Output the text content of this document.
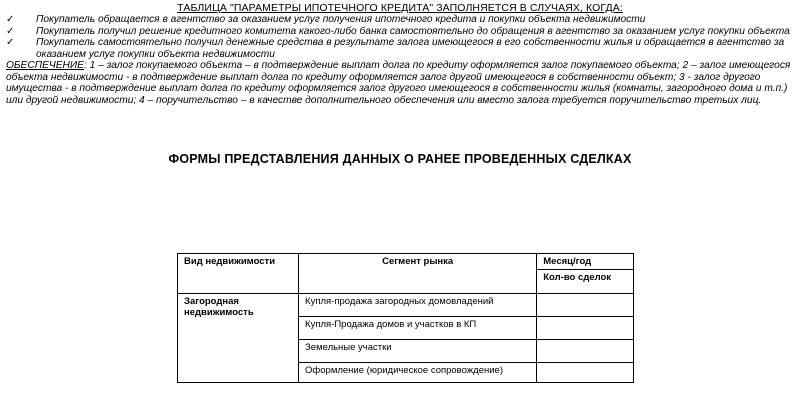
ТАБЛИЦА "ПАРАМЕТРЫ ИПОТЕЧНОГО КРЕДИТА" ЗАПОЛНЯЕТСЯ В СЛУЧАЯХ, КОГДА:
✓	Покупатель обращается в агентство за оказанием услуг получения ипотечного кредита и покупки объекта недвижимости
✓	Покупатель получил решение кредитного комитета какого-либо банка самостоятельно до обращения в агентство за оказанием услуг покупки объекта
✓	Покупатель самостоятельно получил денежные средства в результате залога имеющегося в его собственности жилья и обращается в агентство за оказанием услуг покупки объекта недвижимости
ОБЕСПЕЧЕНИЕ: 1 – залог покупаемого объекта – в подтверждение выплат долга по кредиту оформляется залог покупаемого объекта; 2 – залог имеющегося объекта недвижимости - в подтверждение выплат долга по кредиту оформляется залог другой имеющегося в собственности объект; 3 - залог другого имущества - в подтверждение выплат долга по кредиту оформляется залог другого имеющегося в собственности жилья (комнаты, загородного дома и т.п.) или другой недвижимости; 4 – поручительство – в качестве дополнительного обеспечения или вместо залога требуется поручительство третьих лиц.
ФОРМЫ ПРЕДСТАВЛЕНИЯ ДАННЫХ О РАНЕЕ ПРОВЕДЕННЫХ СДЕЛКАХ
Вид недвижимости	Сегмент рынка	Месяц/год
		Кол-во сделок
Загородная недвижимость	Купля-продажа загородных домовладений	
	Купля-Продажа домов и участков в КП	
	Земельные участки	
	Оформление (юридическое сопровождение)	
